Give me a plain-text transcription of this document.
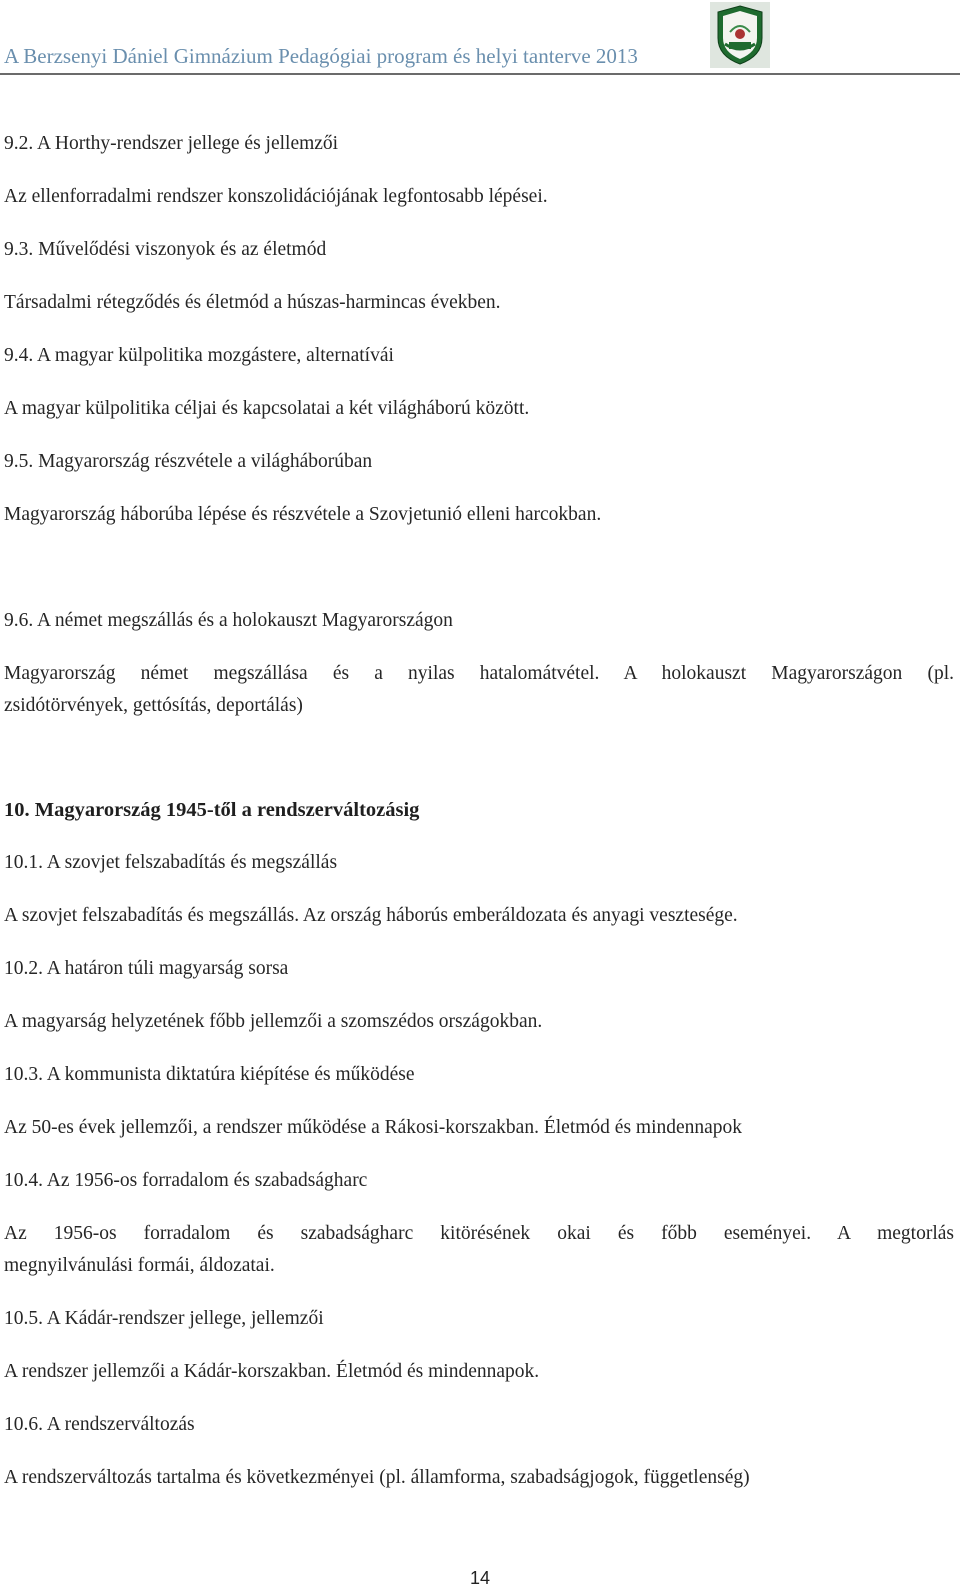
A Berzsenyi Dániel Gimnázium Pedagógiai program és helyi tanterve 2013
9.2. A Horthy-rendszer jellege és jellemzői
Az ellenforradalmi rendszer konszolidációjának legfontosabb lépései.
9.3. Művelődési viszonyok és az életmód
Társadalmi rétegződés és életmód a húszas-harmincas években.
9.4. A magyar külpolitika mozgástere, alternatívái
A magyar külpolitika céljai és kapcsolatai a két világháború között.
9.5. Magyarország részvétele a világháborúban
Magyarország háborúba lépése és részvétele a Szovjetunió elleni harcokban.
9.6. A német megszállás és a holokauszt Magyarországon
Magyarország német megszállása és a nyilas hatalomátvétel. A holokauszt Magyarországon (pl.
zsidótörvények, gettósítás, deportálás)
10. Magyarország 1945-től a rendszerváltozásig
10.1. A szovjet felszabadítás és megszállás
A szovjet felszabadítás és megszállás. Az ország háborús emberáldozata és anyagi vesztesége.
10.2. A határon túli magyarság sorsa
A magyarság helyzetének főbb jellemzői a szomszédos országokban.
10.3. A kommunista diktatúra kiépítése és működése
Az 50-es évek jellemzői, a rendszer működése a Rákosi-korszakban. Életmód és mindennapok
10.4. Az 1956-os forradalom és szabadságharc
Az 1956-os forradalom és szabadságharc kitörésének okai és főbb eseményei. A megtorlás
megnyilvánulási formái, áldozatai.
10.5. A Kádár-rendszer jellege, jellemzői
A rendszer jellemzői a Kádár-korszakban. Életmód és mindennapok.
10.6. A rendszerváltozás
A rendszerváltozás tartalma és következményei (pl. államforma, szabadságjogok, függetlenség)
14
